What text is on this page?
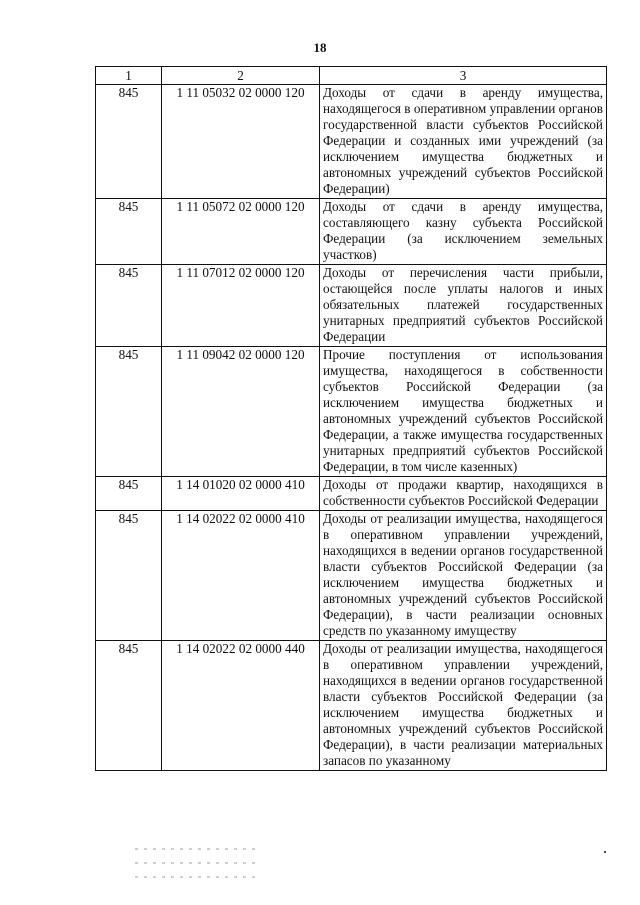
18
1	2	3
845	1 11 05032 02 0000 120	Доходы от сдачи в аренду имущества, находящегося в оперативном управлении органов государственной власти субъектов Российской Федерации и созданных ими учреждений (за исключением имущества бюджетных и автономных учреждений субъектов Российской Федерации)
845	1 11 05072 02 0000 120	Доходы от сдачи в аренду имущества, составляющего казну субъекта Российской Федерации (за исключением земельных участков)
845	1 11 07012 02 0000 120	Доходы от перечисления части прибыли, остающейся после уплаты налогов и иных обязательных платежей государственных унитарных предприятий субъектов Российской Федерации
845	1 11 09042 02 0000 120	Прочие поступления от использования имущества, находящегося в собственности субъектов Российской Федерации (за исключением имущества бюджетных и автономных учреждений субъектов Российской Федерации, а также имущества государственных унитарных предприятий субъектов Российской Федерации, в том числе казенных)
845	1 14 01020 02 0000 410	Доходы от продажи квартир, находящихся в собственности субъектов Российской Федерации
845	1 14 02022 02 0000 410	Доходы от реализации имущества, находящегося в оперативном управлении учреждений, находящихся в ведении органов государственной власти субъектов Российской Федерации (за исключением имущества бюджетных и автономных учреждений субъектов Российской Федерации), в части реализации основных средств по указанному имуществу
845	1 14 02022 02 0000 440	Доходы от реализации имущества, находящегося в оперативном управлении учреждений, находящихся в ведении органов государственной власти субъектов Российской Федерации (за исключением имущества бюджетных и автономных учреждений субъектов Российской Федерации), в части реализации материальных запасов по указанному
